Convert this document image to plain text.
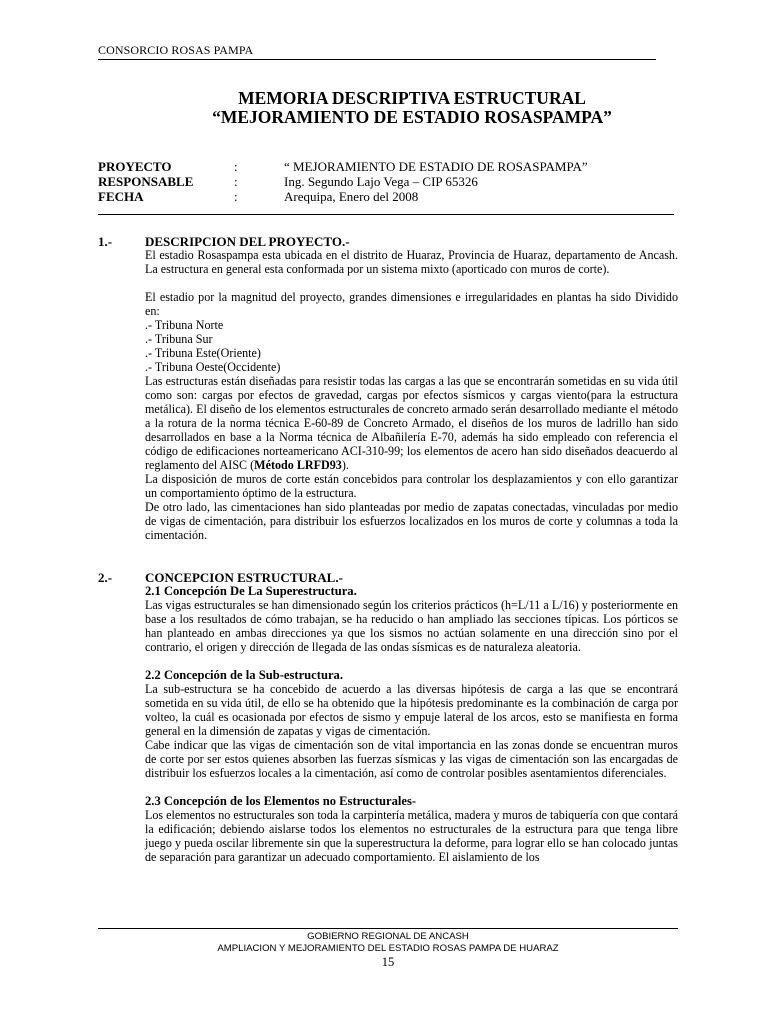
CONSORCIO ROSAS PAMPA
MEMORIA DESCRIPTIVA ESTRUCTURAL
“MEJORAMIENTO DE ESTADIO ROSASPAMPA”
PROYECTO	:	“ MEJORAMIENTO DE ESTADIO DE ROSASPAMPA”
RESPONSABLE	:	Ing. Segundo Lajo Vega – CIP 65326
FECHA	:	Arequipa, Enero del 2008
1.-	DESCRIPCION DEL PROYECTO.-

El estadio Rosaspampa esta ubicada en el distrito de Huaraz, Provincia de Huaraz, departamento de Ancash. La estructura en general esta conformada por un sistema mixto (aporticado con muros de corte).

El estadio por la magnitud del proyecto, grandes dimensiones e irregularidades en plantas ha sido Dividido en:

.- Tribuna Norte

.- Tribuna Sur

.- Tribuna Este(Oriente)

.- Tribuna Oeste(Occidente)

Las estructuras están diseñadas para resistir todas las cargas a las que se encontrarán sometidas en su vida útil como son: cargas por efectos de gravedad, cargas por efectos sísmicos y cargas viento(para la estructura metálica). El diseño de los elementos estructurales de concreto armado serán desarrollado mediante el método a la rotura de la norma técnica E-60-89 de Concreto Armado, el diseños de los muros de ladrillo han sido desarrollados en base a la Norma técnica de Albañilería E-70, además ha sido empleado con referencia el código de edificaciones norteamericano ACI-310-99; los elementos de acero han sido diseñados deacuerdo al reglamento del AISC (Método LRFD93).

La disposición de muros de corte están concebidos para controlar los desplazamientos y con ello garantizar un comportamiento óptimo de la estructura.

De otro lado, las cimentaciones han sido planteadas por medio de zapatas conectadas, vinculadas por medio de vigas de cimentación, para distribuir los esfuerzos localizados en los muros de corte y columnas a toda la cimentación.

2.-	CONCEPCION ESTRUCTURAL.-

2.1 Concepción De La Superestructura.

Las vigas estructurales se han dimensionado según los criterios prácticos (h=L/11 a L/16) y posteriormente en base a los resultados de cómo trabajan, se ha reducido o han ampliado las secciones típicas. Los pórticos se han planteado en ambas direcciones ya que los sismos no actúan solamente en una dirección sino por el contrario, el origen y dirección de llegada de las ondas sísmicas es de naturaleza aleatoria.

2.2 Concepción de la Sub-estructura.

La sub-estructura se ha concebido de acuerdo a las diversas hipótesis de carga a las que se encontrará sometida en su vida útil, de ello se ha obtenido que la hipótesis predominante es la combinación de carga por volteo, la cuál es ocasionada por efectos de sismo y empuje lateral de los arcos, esto se manifiesta en forma general en la dimensión de zapatas y vigas de cimentación.

Cabe indicar que las vigas de cimentación son de vital importancia en las zonas donde se encuentran muros de corte por ser estos quienes absorben las fuerzas sísmicas y las vigas de cimentación son las encargadas de distribuir los esfuerzos locales a la cimentación, así como de controlar posibles asentamientos diferenciales.

2.3 Concepción de los Elementos no Estructurales-

Los elementos no estructurales son toda la carpintería metálica, madera y muros de tabiquería con que contará la edificación; debiendo aislarse todos los elementos no estructurales de la estructura para que tenga libre juego y pueda oscilar libremente sin que la superestructura la deforme, para lograr ello se han colocado juntas de separación para garantizar un adecuado comportamiento. El aislamiento de los

GOBIERNO REGIONAL DE ANCASH
AMPLIACION Y MEJORAMIENTO DEL ESTADIO ROSAS PAMPA DE HUARAZ
15
